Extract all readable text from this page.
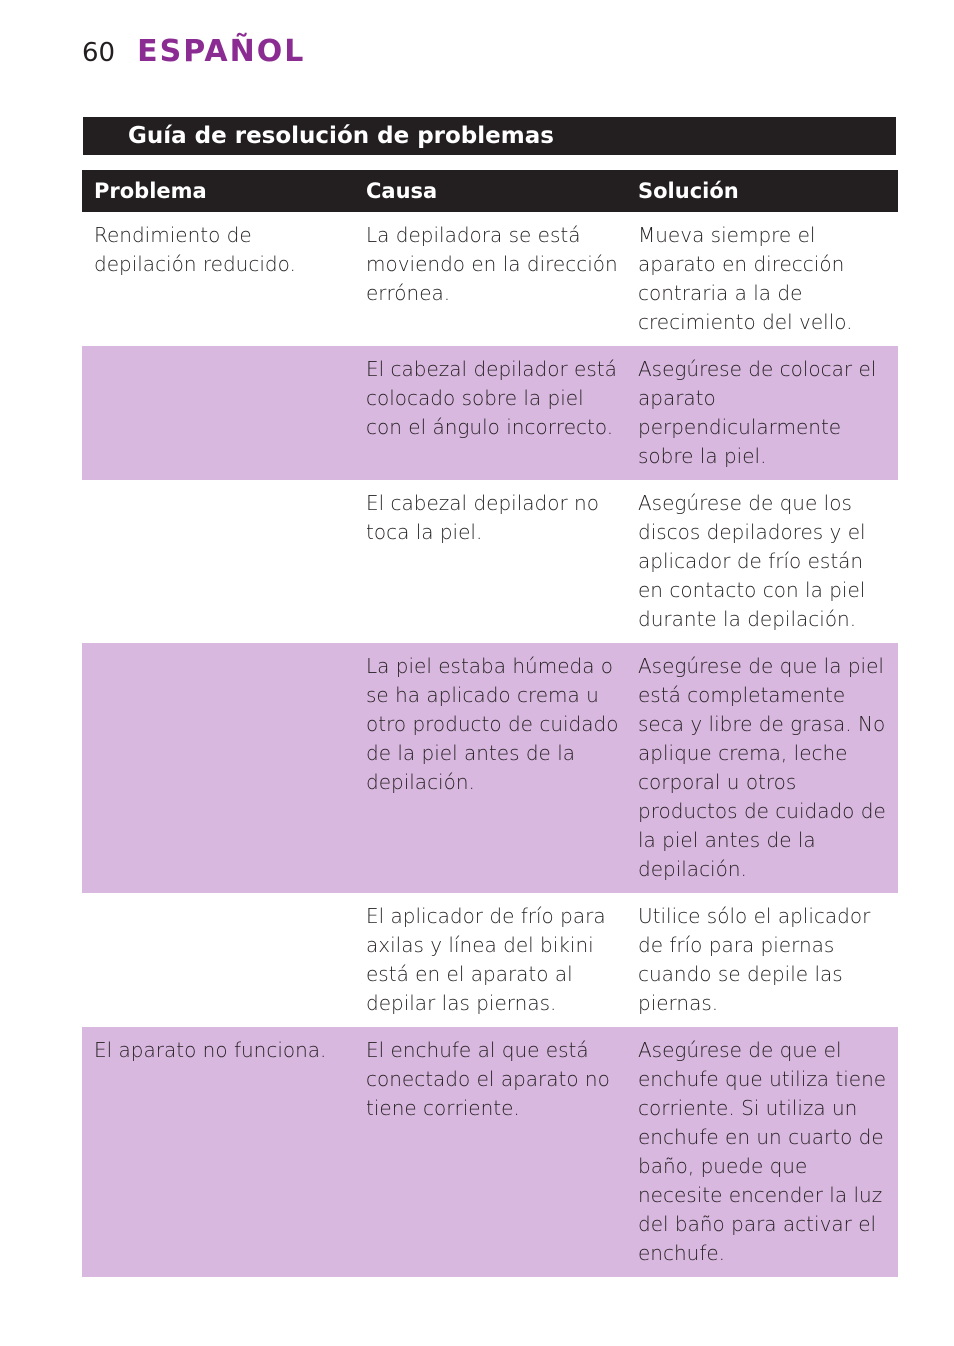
60 ESPAÑOL
Guía de resolución de problemas
Problema	Causa	Solución
Rendimiento de depilación reducido.	La depiladora se está moviendo en la dirección errónea.	Mueva siempre el aparato en dirección contraria a la de crecimiento del vello.
	El cabezal depilador está colocado sobre la piel con el ángulo incorrecto.	Asegúrese de colocar el aparato perpendicularmente sobre la piel.
	El cabezal depilador no toca la piel.	Asegúrese de que los discos depiladores y el aplicador de frío están en contacto con la piel durante la depilación.
	La piel estaba húmeda o se ha aplicado crema u otro producto de cuidado de la piel antes de la depilación.	Asegúrese de que la piel está completamente seca y libre de grasa. No aplique crema, leche corporal u otros productos de cuidado de la piel antes de la depilación.
	El aplicador de frío para axilas y línea del bikini está en el aparato al depilar las piernas.	Utilice sólo el aplicador de frío para piernas cuando se depile las piernas.
El aparato no funciona.	El enchufe al que está conectado el aparato no tiene corriente.	Asegúrese de que el enchufe que utiliza tiene corriente. Si utiliza un enchufe en un cuarto de baño, puede que necesite encender la luz del baño para activar el enchufe.
